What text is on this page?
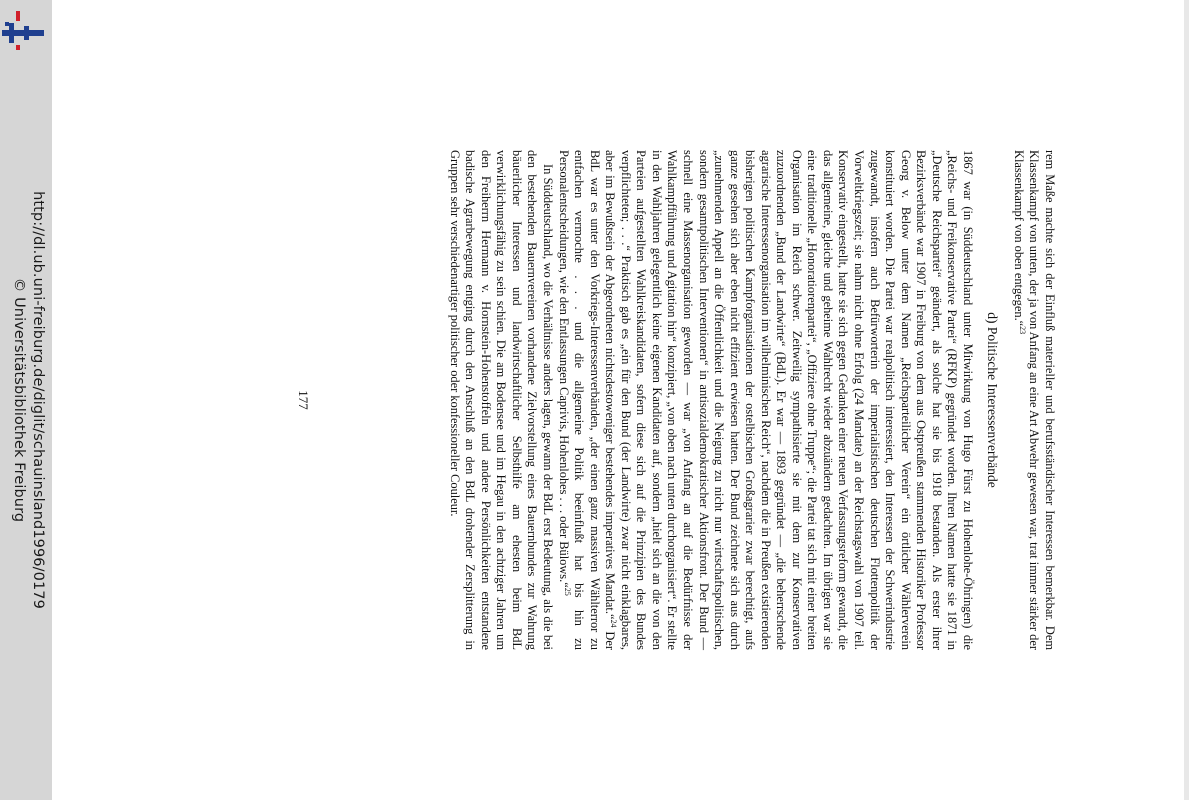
http://dl.ub.uni-freiburg.de/diglit/schauinsland1996/0179
© Universitätsbibliothek Freiburg	rem Maße machte sich der Einfluß materieller und berufsständischer Interessen bemerkbar. Dem Klassenkampf von unten, der ja von Anfang an eine Art Abwehr gewesen war, trat immer stärker der Klassenkampf von oben entgegen.“$^{23}$

d) Politische Interessenverbände

1867 war (in Süddeutschland unter Mitwirkung von Hugo Fürst zu Hohenlohe-Öhringen) die „Reichs- und Freikonservative Partei“ (RFKP) gegründet worden. Ihren Namen hatte sie 1871 in „Deutsche Reichspartei“ geändert, als solche hat sie bis 1918 bestanden. Als erster ihrer Bezirksverbände war 1907 in Freiburg von dem aus Ostpreußen stammenden Historiker Professor Georg v. Below unter dem Namen „Reichsparteilicher Verein“ ein örtlicher Wählerverein konstituiert worden. Die Partei war realpolitisch interessiert, den Interessen der Schwerindustrie zugewandt, insofern auch Befürworterin der imperialistischen deutschen Flottenpolitik der Vorweltkriegszeit; sie nahm nicht ohne Erfolg (24 Mandate) an der Reichstagswahl von 1907 teil. Konservativ eingestellt, hatte sie sich gegen Gedanken einer neuen Verfassungsreform gewandt, die das allgemeine, gleiche und geheime Wahlrecht wieder abzuändern gedachten. Im übrigen war sie eine traditionelle „Honoratiorenpartei“, „Offiziere ohne Truppe“; die Partei tat sich mit einer breiten Organisation im Reich schwer. Zeitweilig sympathisierte sie mit dem zur Konservativen zuzuordnenden „Bund der Landwirte“ (BdL). Er war — 1893 gegründet — „die beherrschende agrarische Interessenorganisation im wilhelminischen Reich“, nachdem die in Preußen existierenden bisherigen politischen Kampforganisationen der ostelbischen Großagrarier zwar berechtigt, aufs ganze gesehen sich aber eben nicht effizient erwiesen hatten. Der Bund zeichnete sich aus durch „zunehmenden Appell an die Öffentlichkeit und die Neigung zu nicht nur wirtschaftspolitischen, sondern gesamtpolitischen Interventionen“ in antisozialdemokratischer Aktionsfront. Der Bund — schnell eine Massenorganisation geworden — war „von Anfang an auf die Bedürfnisse der Wahlkampfführung und Agitation hin“ konzipiert, „von oben nach unten durchorganisiert“. Er stellte in den Wahljahren gelegentlich keine eigenen Kandidaten auf, sondern „hielt sich an die von den Parteien aufgestellten Wahlkreiskandidaten, sofern diese sich auf die Prinzipien des Bundes verpflichteten; . . .“ Praktisch gab es „ein für den Bund (der Landwirte) zwar nicht einklagbares, aber im Bewußtsein der Abgeordneten nichtsdestoweniger bestehendes imperatives Mandat.“$^{24}$ Der BdL war es unter den Vorkriegs-Interessenverbänden, „der einen ganz massiven Wählterror zu entfachen vermochte . . . und die allgemeine Politik beeinflußt hat bis hin zu Personalentscheidungen, wie den Entlassungen Caprivis, Hohenlohes . . . oder Bülows.“$^{25}$

In Süddeutschland, wo die Verhältnisse anders lagen, gewann der BdL erst Bedeutung, als die bei den bestehenden Bauernvereinen vorhandene Zielvorstellung eines Bauernbundes zur Wahrung bäuerlicher Interessen und landwirtschaftlicher Selbsthilfe am ehesten beim BdL verwirklichungsfähig zu sein schien. Die am Bodensee und im Hegau in den achtziger Jahren um den Freiherrn Hermann v. Hornstein-Hohenstoffeln und andere Persönlichkeiten entstandene badische Agrarbewegung entging durch den Anschluß an den BdL drohender Zersplitterung in Gruppen sehr verschiedenartiger politischer oder konfessioneller Couleur.

177
